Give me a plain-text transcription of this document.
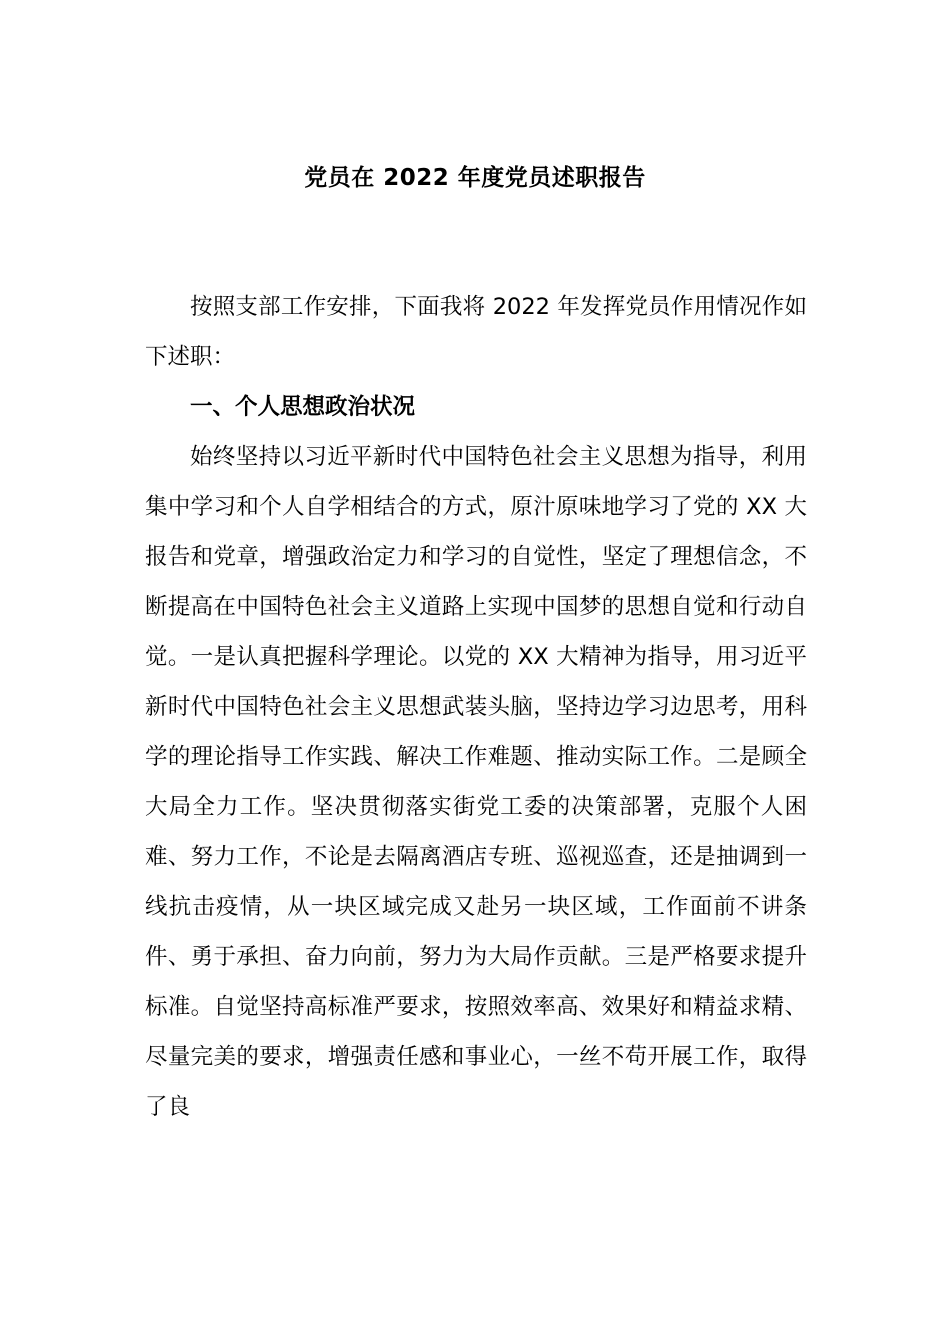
党员在 2022 年度党员述职报告

按照支部工作安排，下面我将 2022 年发挥党员作用情况作如下述职：

一、个人思想政治状况

始终坚持以习近平新时代中国特色社会主义思想为指导，利用集中学习和个人自学相结合的方式，原汁原味地学习了党的 XX 大报告和党章，增强政治定力和学习的自觉性，坚定了理想信念，不断提高在中国特色社会主义道路上实现中国梦的思想自觉和行动自觉。一是认真把握科学理论。以党的 XX 大精神为指导，用习近平新时代中国特色社会主义思想武装头脑，坚持边学习边思考，用科学的理论指导工作实践、解决工作难题、推动实际工作。二是顾全大局全力工作。坚决贯彻落实街党工委的决策部署，克服个人困难、努力工作，不论是去隔离酒店专班、巡视巡查，还是抽调到一线抗击疫情，从一块区域完成又赴另一块区域，工作面前不讲条件、勇于承担、奋力向前，努力为大局作贡献。三是严格要求提升标准。自觉坚持高标准严要求，按照效率高、效果好和精益求精、尽量完美的要求，增强责任感和事业心，一丝不苟开展工作，取得了良
